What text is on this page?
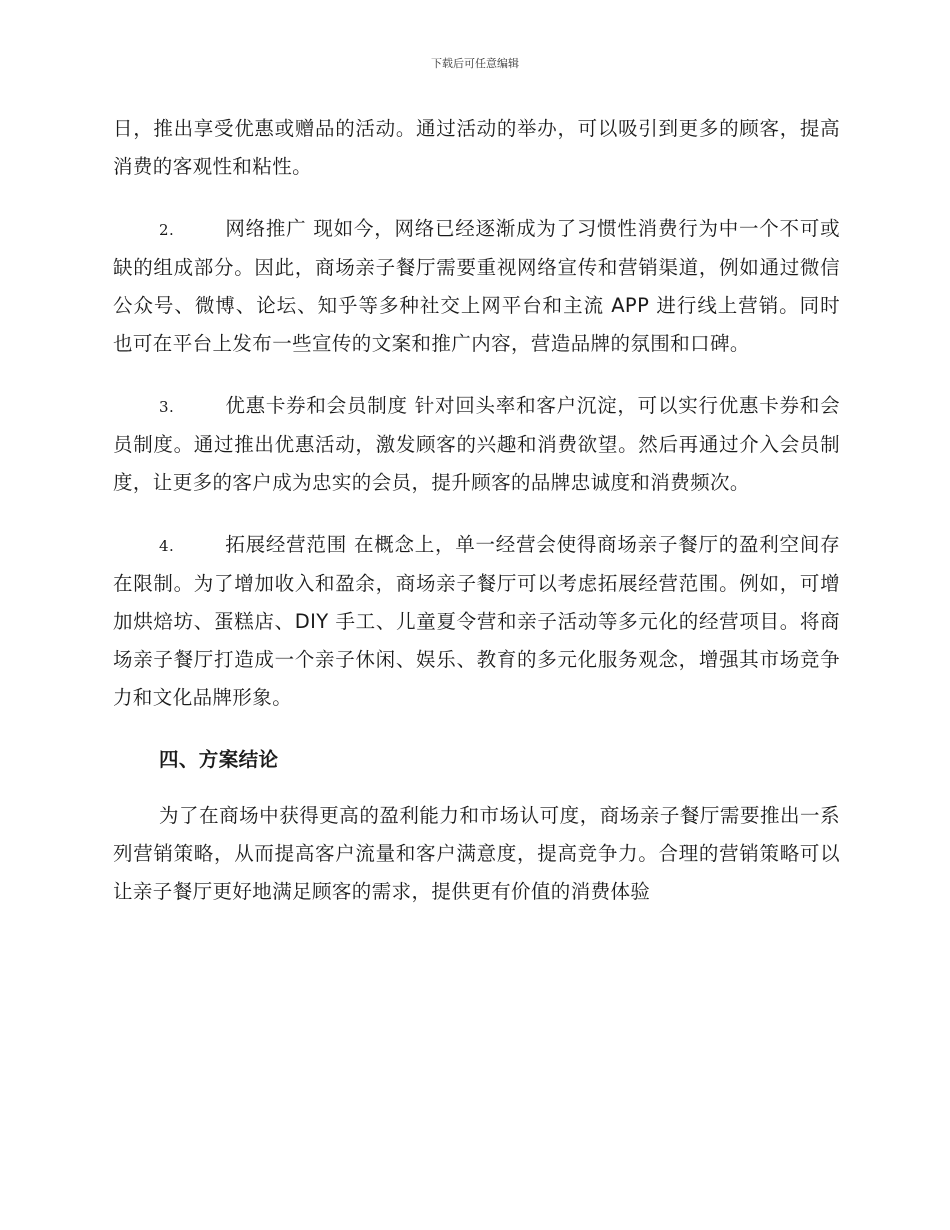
下载后可任意编辑

日，推出享受优惠或赠品的活动。通过活动的举办，可以吸引到更多的顾客，提高消费的客观性和粘性。

2.	网络推广 现如今，网络已经逐渐成为了习惯性消费行为中一个不可或缺的组成部分。因此，商场亲子餐厅需要重视网络宣传和营销渠道，例如通过微信公众号、微博、论坛、知乎等多种社交上网平台和主流 APP 进行线上营销。同时也可在平台上发布一些宣传的文案和推广内容，营造品牌的氛围和口碑。

3.	优惠卡券和会员制度 针对回头率和客户沉淀，可以实行优惠卡券和会员制度。通过推出优惠活动，激发顾客的兴趣和消费欲望。然后再通过介入会员制度，让更多的客户成为忠实的会员，提升顾客的品牌忠诚度和消费频次。

4.	拓展经营范围 在概念上，单一经营会使得商场亲子餐厅的盈利空间存在限制。为了增加收入和盈余，商场亲子餐厅可以考虑拓展经营范围。例如，可增加烘焙坊、蛋糕店、DIY 手工、儿童夏令营和亲子活动等多元化的经营项目。将商场亲子餐厅打造成一个亲子休闲、娱乐、教育的多元化服务观念，增强其市场竞争力和文化品牌形象。

四、方案结论

为了在商场中获得更高的盈利能力和市场认可度，商场亲子餐厅需要推出一系列营销策略，从而提高客户流量和客户满意度，提高竞争力。合理的营销策略可以让亲子餐厅更好地满足顾客的需求，提供更有价值的消费体验
